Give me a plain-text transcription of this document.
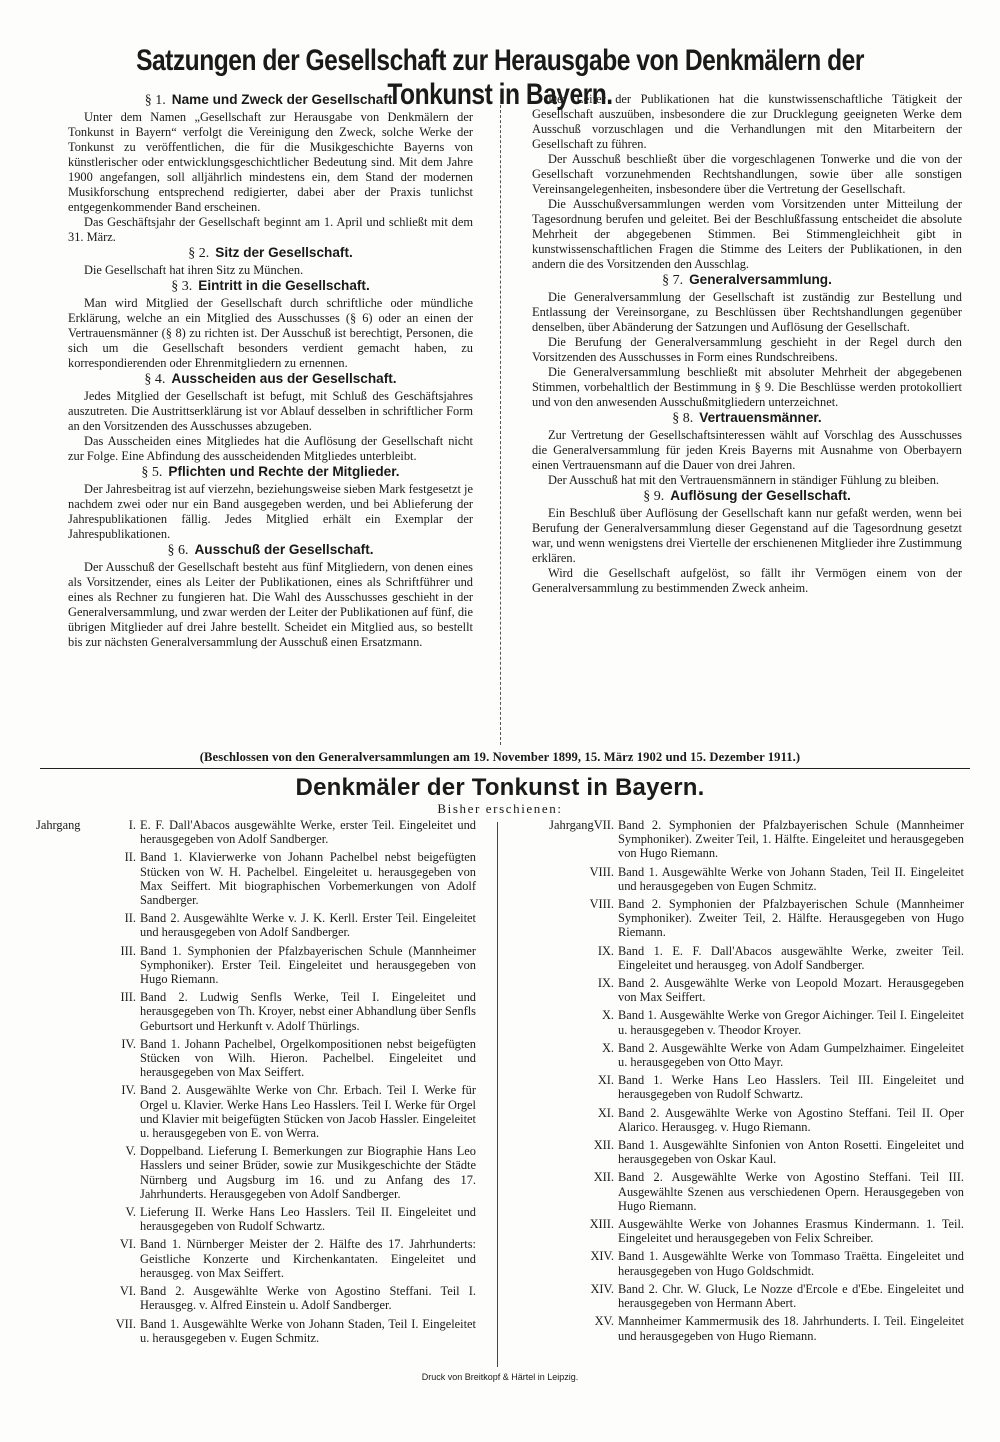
Satzungen der Gesellschaft zur Herausgabe von Denkmälern der Tonkunst in Bayern.
§ 1. Name und Zweck der Gesellschaft.

Unter dem Namen „Gesellschaft zur Herausgabe von Denkmälern der Tonkunst in Bayern“ verfolgt die Vereinigung den Zweck, solche Werke der Tonkunst zu veröffentlichen, die für die Musikgeschichte Bayerns von künstlerischer oder entwicklungsgeschichtlicher Bedeutung sind. Mit dem Jahre 1900 angefangen, soll alljährlich mindestens ein, dem Stand der modernen Musikforschung entsprechend redigierter, dabei aber der Praxis tunlichst entgegenkommender Band erscheinen.

Das Geschäftsjahr der Gesellschaft beginnt am 1. April und schließt mit dem 31. März.

§ 2. Sitz der Gesellschaft.

Die Gesellschaft hat ihren Sitz zu München.

§ 3. Eintritt in die Gesellschaft.

Man wird Mitglied der Gesellschaft durch schriftliche oder mündliche Erklärung, welche an ein Mitglied des Ausschusses (§ 6) oder an einen der Vertrauensmänner (§ 8) zu richten ist. Der Ausschuß ist berechtigt, Personen, die sich um die Gesellschaft besonders verdient gemacht haben, zu korrespondierenden oder Ehrenmitgliedern zu ernennen.

§ 4. Ausscheiden aus der Gesellschaft.

Jedes Mitglied der Gesellschaft ist befugt, mit Schluß des Geschäftsjahres auszutreten. Die Austrittserklärung ist vor Ablauf desselben in schriftlicher Form an den Vorsitzenden des Ausschusses abzugeben.

Das Ausscheiden eines Mitgliedes hat die Auflösung der Gesellschaft nicht zur Folge. Eine Abfindung des ausscheidenden Mitgliedes unterbleibt.

§ 5. Pflichten und Rechte der Mitglieder.

Der Jahresbeitrag ist auf vierzehn, beziehungsweise sieben Mark festgesetzt je nachdem zwei oder nur ein Band ausgegeben werden, und bei Ablieferung der Jahrespublikationen fällig. Jedes Mitglied erhält ein Exemplar der Jahrespublikationen.

§ 6. Ausschuß der Gesellschaft.

Der Ausschuß der Gesellschaft besteht aus fünf Mitgliedern, von denen eines als Vorsitzender, eines als Leiter der Publikationen, eines als Schriftführer und eines als Rechner zu fungieren hat. Die Wahl des Ausschusses geschieht in der Generalversammlung, und zwar werden der Leiter der Publikationen auf fünf, die übrigen Mitglieder auf drei Jahre bestellt. Scheidet ein Mitglied aus, so bestellt bis zur nächsten Generalversammlung der Ausschuß einen Ersatzmann.

Der Leiter der Publikationen hat die kunstwissenschaftliche Tätigkeit der Gesellschaft auszuüben, insbesondere die zur Drucklegung geeigneten Werke dem Ausschuß vorzuschlagen und die Verhandlungen mit den Mitarbeitern der Gesellschaft zu führen.

Der Ausschuß beschließt über die vorgeschlagenen Tonwerke und die von der Gesellschaft vorzunehmenden Rechtshandlungen, sowie über alle sonstigen Vereinsangelegenheiten, insbesondere über die Vertretung der Gesellschaft.

Die Ausschußversammlungen werden vom Vorsitzenden unter Mitteilung der Tagesordnung berufen und geleitet. Bei der Beschlußfassung entscheidet die absolute Mehrheit der abgegebenen Stimmen. Bei Stimmengleichheit gibt in kunstwissenschaftlichen Fragen die Stimme des Leiters der Publikationen, in den andern die des Vorsitzenden den Ausschlag.

§ 7. Generalversammlung.

Die Generalversammlung der Gesellschaft ist zuständig zur Bestellung und Entlassung der Vereinsorgane, zu Beschlüssen über Rechtshandlungen gegenüber denselben, über Abänderung der Satzungen und Auflösung der Gesellschaft.

Die Berufung der Generalversammlung geschieht in der Regel durch den Vorsitzenden des Ausschusses in Form eines Rundschreibens.

Die Generalversammlung beschließt mit absoluter Mehrheit der abgegebenen Stimmen, vorbehaltlich der Bestimmung in § 9. Die Beschlüsse werden protokolliert und von den anwesenden Ausschußmitgliedern unterzeichnet.

§ 8. Vertrauensmänner.

Zur Vertretung der Gesellschaftsinteressen wählt auf Vorschlag des Ausschusses die Generalversammlung für jeden Kreis Bayerns mit Ausnahme von Oberbayern einen Vertrauensmann auf die Dauer von drei Jahren.

Der Ausschuß hat mit den Vertrauensmännern in ständiger Fühlung zu bleiben.

§ 9. Auflösung der Gesellschaft.

Ein Beschluß über Auflösung der Gesellschaft kann nur gefaßt werden, wenn bei Berufung der Generalversammlung dieser Gegenstand auf die Tagesordnung gesetzt war, und wenn wenigstens drei Viertelle der erschienenen Mitglieder ihre Zustimmung erklären.

Wird die Gesellschaft aufgelöst, so fällt ihr Vermögen einem von der Generalversammlung zu bestimmenden Zweck anheim.

(Beschlossen von den Generalversammlungen am 19. November 1899, 15. März 1902 und 15. Dezember 1911.)
Denkmäler der Tonkunst in Bayern.
Bisher erschienen:
Jahrgang	I. E. F. Dall'Abacos ausgewählte Werke, erster Teil. Eingeleitet und herausgegeben von Adolf Sandberger.
II. Band 1. Klavierwerke von Johann Pachelbel nebst beigefügten Stücken von W. H. Pachelbel. Eingeleitet u. herausgegeben von Max Seiffert. Mit biographischen Vorbemerkungen von Adolf Sandberger.
II. Band 2. Ausgewählte Werke v. J. K. Kerll. Erster Teil. Eingeleitet und herausgegeben von Adolf Sandberger.
III. Band 1. Symphonien der Pfalzbayerischen Schule (Mannheimer Symphoniker). Erster Teil. Eingeleitet und herausgegeben von Hugo Riemann.
III. Band 2. Ludwig Senfls Werke, Teil I. Eingeleitet und herausgegeben von Th. Kroyer, nebst einer Abhandlung über Senfls Geburtsort und Herkunft v. Adolf Thürlings.
IV. Band 1. Johann Pachelbel, Orgelkompositionen nebst beigefügten Stücken von Wilh. Hieron. Pachelbel. Eingeleitet und herausgegeben von Max Seiffert.
IV. Band 2. Ausgewählte Werke von Chr. Erbach. Teil I. Werke für Orgel u. Klavier. Werke Hans Leo Hasslers. Teil I. Werke für Orgel und Klavier mit beigefügten Stücken von Jacob Hassler. Eingeleitet u. herausgegeben von E. von Werra.
V. Doppelband. Lieferung I. Bemerkungen zur Biographie Hans Leo Hasslers und seiner Brüder, sowie zur Musikgeschichte der Städte Nürnberg und Augsburg im 16. und zu Anfang des 17. Jahrhunderts. Herausgegeben von Adolf Sandberger.
V. Lieferung II. Werke Hans Leo Hasslers. Teil II. Eingeleitet und herausgegeben von Rudolf Schwartz.
VI. Band 1. Nürnberger Meister der 2. Hälfte des 17. Jahrhunderts: Geistliche Konzerte und Kirchenkantaten. Eingeleitet und herausgeg. von Max Seiffert.
VI. Band 2. Ausgewählte Werke von Agostino Steffani. Teil I. Herausgeg. v. Alfred Einstein u. Adolf Sandberger.
VII. Band 1. Ausgewählte Werke von Johann Staden, Teil I. Eingeleitet u. herausgegeben v. Eugen Schmitz.
JahrgangVII. Band 2. Symphonien der Pfalzbayerischen Schule (Mannheimer Symphoniker). Zweiter Teil, 1. Hälfte. Eingeleitet und herausgegeben von Hugo Riemann.
VIII. Band 1. Ausgewählte Werke von Johann Staden, Teil II. Eingeleitet und herausgegeben von Eugen Schmitz.
VIII. Band 2. Symphonien der Pfalzbayerischen Schule (Mannheimer Symphoniker). Zweiter Teil, 2. Hälfte. Herausgegeben von Hugo Riemann.
IX. Band 1. E. F. Dall'Abacos ausgewählte Werke, zweiter Teil. Eingeleitet und herausgeg. von Adolf Sandberger.
IX. Band 2. Ausgewählte Werke von Leopold Mozart. Herausgegeben von Max Seiffert.
X. Band 1. Ausgewählte Werke von Gregor Aichinger. Teil I. Eingeleitet u. herausgegeben v. Theodor Kroyer.
X. Band 2. Ausgewählte Werke von Adam Gumpelzhaimer. Eingeleitet u. herausgegeben von Otto Mayr.
XI. Band 1. Werke Hans Leo Hasslers. Teil III. Eingeleitet und herausgegeben von Rudolf Schwartz.
XI. Band 2. Ausgewählte Werke von Agostino Steffani. Teil II. Oper Alarico. Herausgeg. v. Hugo Riemann.
XII. Band 1. Ausgewählte Sinfonien von Anton Rosetti. Eingeleitet und herausgegeben von Oskar Kaul.
XII. Band 2. Ausgewählte Werke von Agostino Steffani. Teil III. Ausgewählte Szenen aus verschiedenen Opern. Herausgegeben von Hugo Riemann.
XIII. Ausgewählte Werke von Johannes Erasmus Kindermann. 1. Teil. Eingeleitet und herausgegeben von Felix Schreiber.
XIV. Band 1. Ausgewählte Werke von Tommaso Traëtta. Eingeleitet und herausgegeben von Hugo Goldschmidt.
XIV. Band 2. Chr. W. Gluck, Le Nozze d'Ercole e d'Ebe. Eingeleitet und herausgegeben von Hermann Abert.
XV. Mannheimer Kammermusik des 18. Jahrhunderts. I. Teil. Eingeleitet und herausgegeben von Hugo Riemann.
Druck von Breitkopf & Härtel in Leipzig.
